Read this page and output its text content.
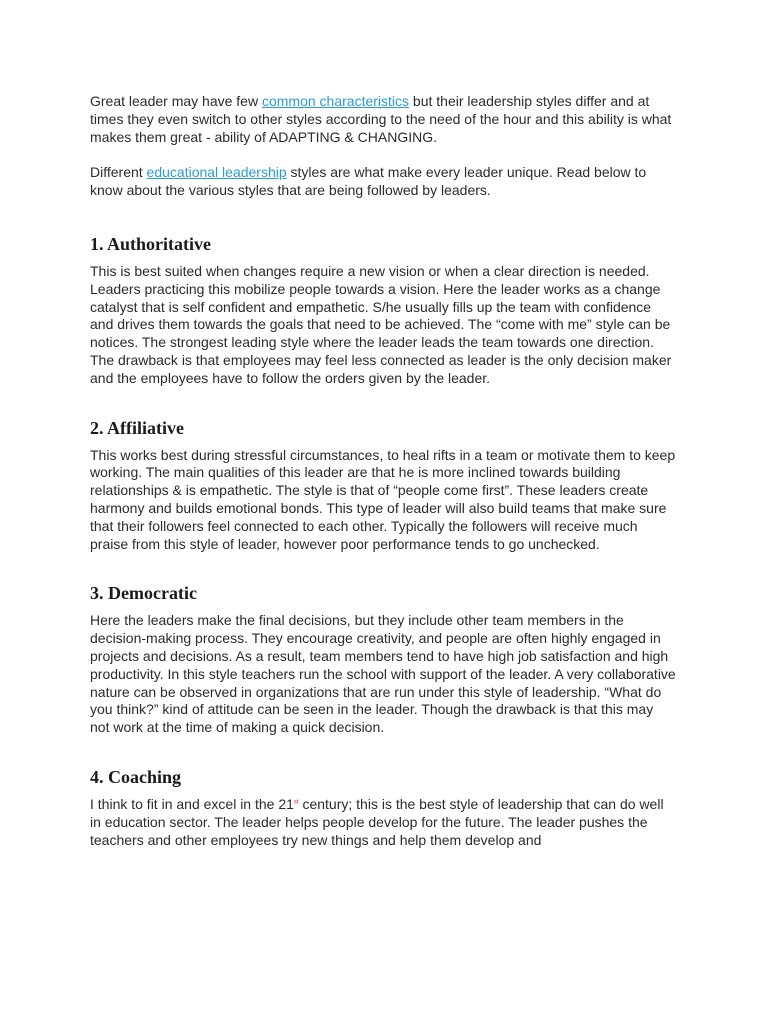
Great leader may have few common characteristics but their leadership styles differ and at times they even switch to other styles according to the need of the hour and this ability is what makes them great - ability of ADAPTING & CHANGING.

Different educational leadership styles are what make every leader unique. Read below to know about the various styles that are being followed by leaders.

1. Authoritative

This is best suited when changes require a new vision or when a clear direction is needed. Leaders practicing this mobilize people towards a vision. Here the leader works as a change catalyst that is self confident and empathetic. S/he usually fills up the team with confidence and drives them towards the goals that need to be achieved. The “come with me” style can be notices. The strongest leading style where the leader leads the team towards one direction. The drawback is that employees may feel less connected as leader is the only decision maker and the employees have to follow the orders given by the leader.

2. Affiliative

This works best during stressful circumstances, to heal rifts in a team or motivate them to keep working. The main qualities of this leader are that he is more inclined towards building relationships & is empathetic. The style is that of “people come first”. These leaders create harmony and builds emotional bonds. This type of leader will also build teams that make sure that their followers feel connected to each other. Typically the followers will receive much praise from this style of leader, however poor performance tends to go unchecked.

3. Democratic

Here the leaders make the final decisions, but they include other team members in the decision-making process. They encourage creativity, and people are often highly engaged in projects and decisions. As a result, team members tend to have high job satisfaction and high productivity. In this style teachers run the school with support of the leader. A very collaborative nature can be observed in organizations that are run under this style of leadership. “What do you think?” kind of attitude can be seen in the leader. Though the drawback is that this may not work at the time of making a quick decision.

4. Coaching

I think to fit in and excel in the 21st century; this is the best style of leadership that can do well in education sector. The leader helps people develop for the future. The leader pushes the teachers and other employees try new things and help them develop and
